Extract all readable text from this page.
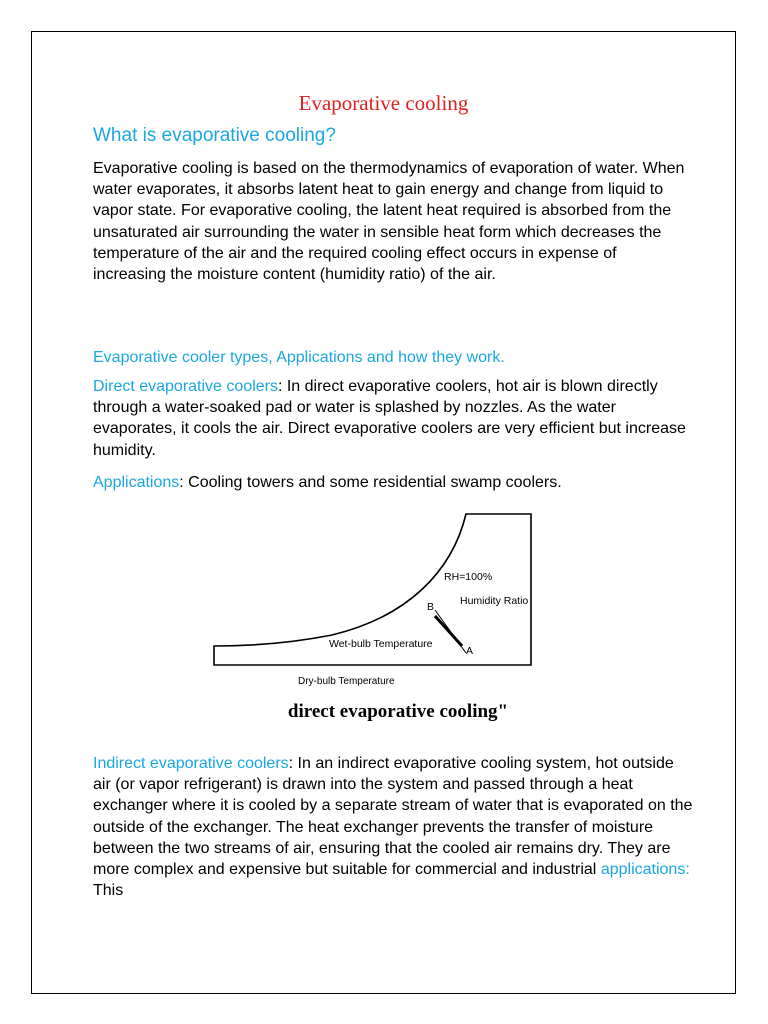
Evaporative cooling
What is evaporative cooling?

Evaporative cooling is based on the thermodynamics of evaporation of water. When water evaporates, it absorbs latent heat to gain energy and change from liquid to vapor state. For evaporative cooling, the latent heat required is absorbed from the unsaturated air surrounding the water in sensible heat form which decreases the temperature of the air and the required cooling effect occurs in expense of increasing the moisture content (humidity ratio) of the air.

Evaporative cooler types, Applications and how they work.

Direct evaporative coolers: In direct evaporative coolers, hot air is blown directly through a water-soaked pad or water is splashed by nozzles. As the water evaporates, it cools the air. Direct evaporative coolers are very efficient but increase humidity.

Applications: Cooling towers and some residential swamp coolers.

RH=100%
Humidity Ratio
B
A
Wet-bulb Temperature
Dry-bulb Temperature

direct evaporative cooling"

Indirect evaporative coolers: In an indirect evaporative cooling system, hot outside air (or vapor refrigerant) is drawn into the system and passed through a heat exchanger where it is cooled by a separate stream of water that is evaporated on the outside of the exchanger. The heat exchanger prevents the transfer of moisture between the two streams of air, ensuring that the cooled air remains dry. They are more complex and expensive but suitable for commercial and industrial applications: This
